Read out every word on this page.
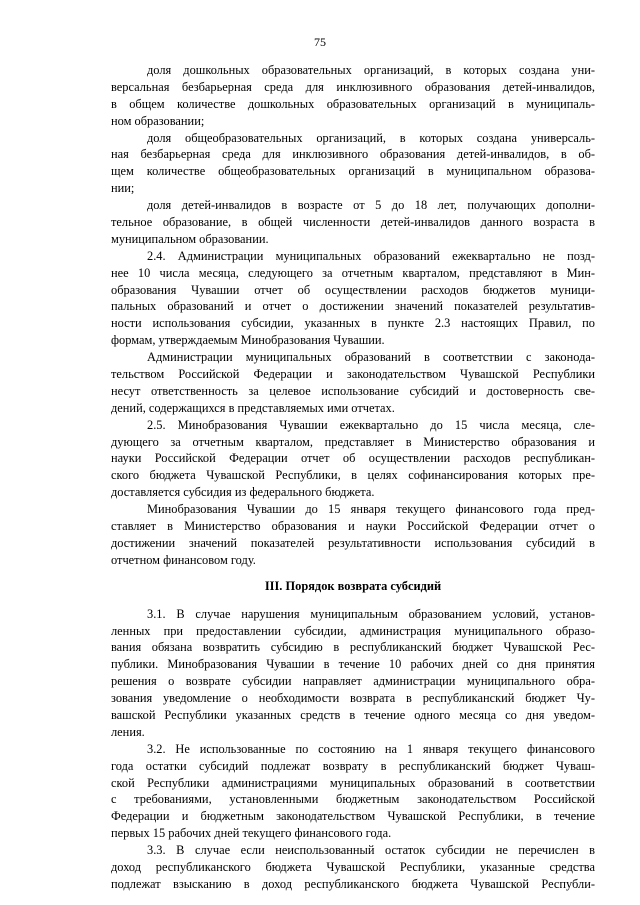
75
доля дошкольных образовательных организаций, в которых создана уни-
версальная безбарьерная среда для инклюзивного образования детей-инвалидов,
в общем количестве дошкольных образовательных организаций в муниципаль-
ном образовании;
доля общеобразовательных организаций, в которых создана универсаль-
ная безбарьерная среда для инклюзивного образования детей-инвалидов, в об-
щем количестве общеобразовательных организаций в муниципальном образова-
нии;
доля детей-инвалидов в возрасте от 5 до 18 лет, получающих дополни-
тельное образование, в общей численности детей-инвалидов данного возраста в
муниципальном образовании.
2.4. Администрации муниципальных образований ежеквартально не позд-
нее 10 числа месяца, следующего за отчетным кварталом, представляют в Мин-
образования Чувашии отчет об осуществлении расходов бюджетов муници-
пальных образований и отчет о достижении значений показателей результатив-
ности использования субсидии, указанных в пункте 2.3 настоящих Правил, по
формам, утверждаемым Минобразования Чувашии.
Администрации муниципальных образований в соответствии с законода-
тельством Российской Федерации и законодательством Чувашской Республики
несут ответственность за целевое использование субсидий и достоверность све-
дений, содержащихся в представляемых ими отчетах.
2.5. Минобразования Чувашии ежеквартально до 15 числа месяца, сле-
дующего за отчетным кварталом, представляет в Министерство образования и
науки Российской Федерации отчет об осуществлении расходов республикан-
ского бюджета Чувашской Республики, в целях софинансирования которых пре-
доставляется субсидия из федерального бюджета.
Минобразования Чувашии до 15 января текущего финансового года пред-
ставляет в Министерство образования и науки Российской Федерации отчет о
достижении значений показателей результативности использования субсидий в
отчетном финансовом году.
III. Порядок возврата субсидий
3.1. В случае нарушения муниципальным образованием условий, установ-
ленных при предоставлении субсидии, администрация муниципального образо-
вания обязана возвратить субсидию в республиканский бюджет Чувашской Рес-
публики. Минобразования Чувашии в течение 10 рабочих дней со дня принятия
решения о возврате субсидии направляет администрации муниципального обра-
зования уведомление о необходимости возврата в республиканский бюджет Чу-
вашской Республики указанных средств в течение одного месяца со дня уведом-
ления.
3.2. Не использованные по состоянию на 1 января текущего финансового
года остатки субсидий подлежат возврату в республиканский бюджет Чуваш-
ской Республики администрациями муниципальных образований в соответствии
с требованиями, установленными бюджетным законодательством Российской
Федерации и бюджетным законодательством Чувашской Республики, в течение
первых 15 рабочих дней текущего финансового года.
3.3. В случае если неиспользованный остаток субсидии не перечислен в
доход республиканского бюджета Чувашской Республики, указанные средства
подлежат взысканию в доход республиканского бюджета Чувашской Республи-
